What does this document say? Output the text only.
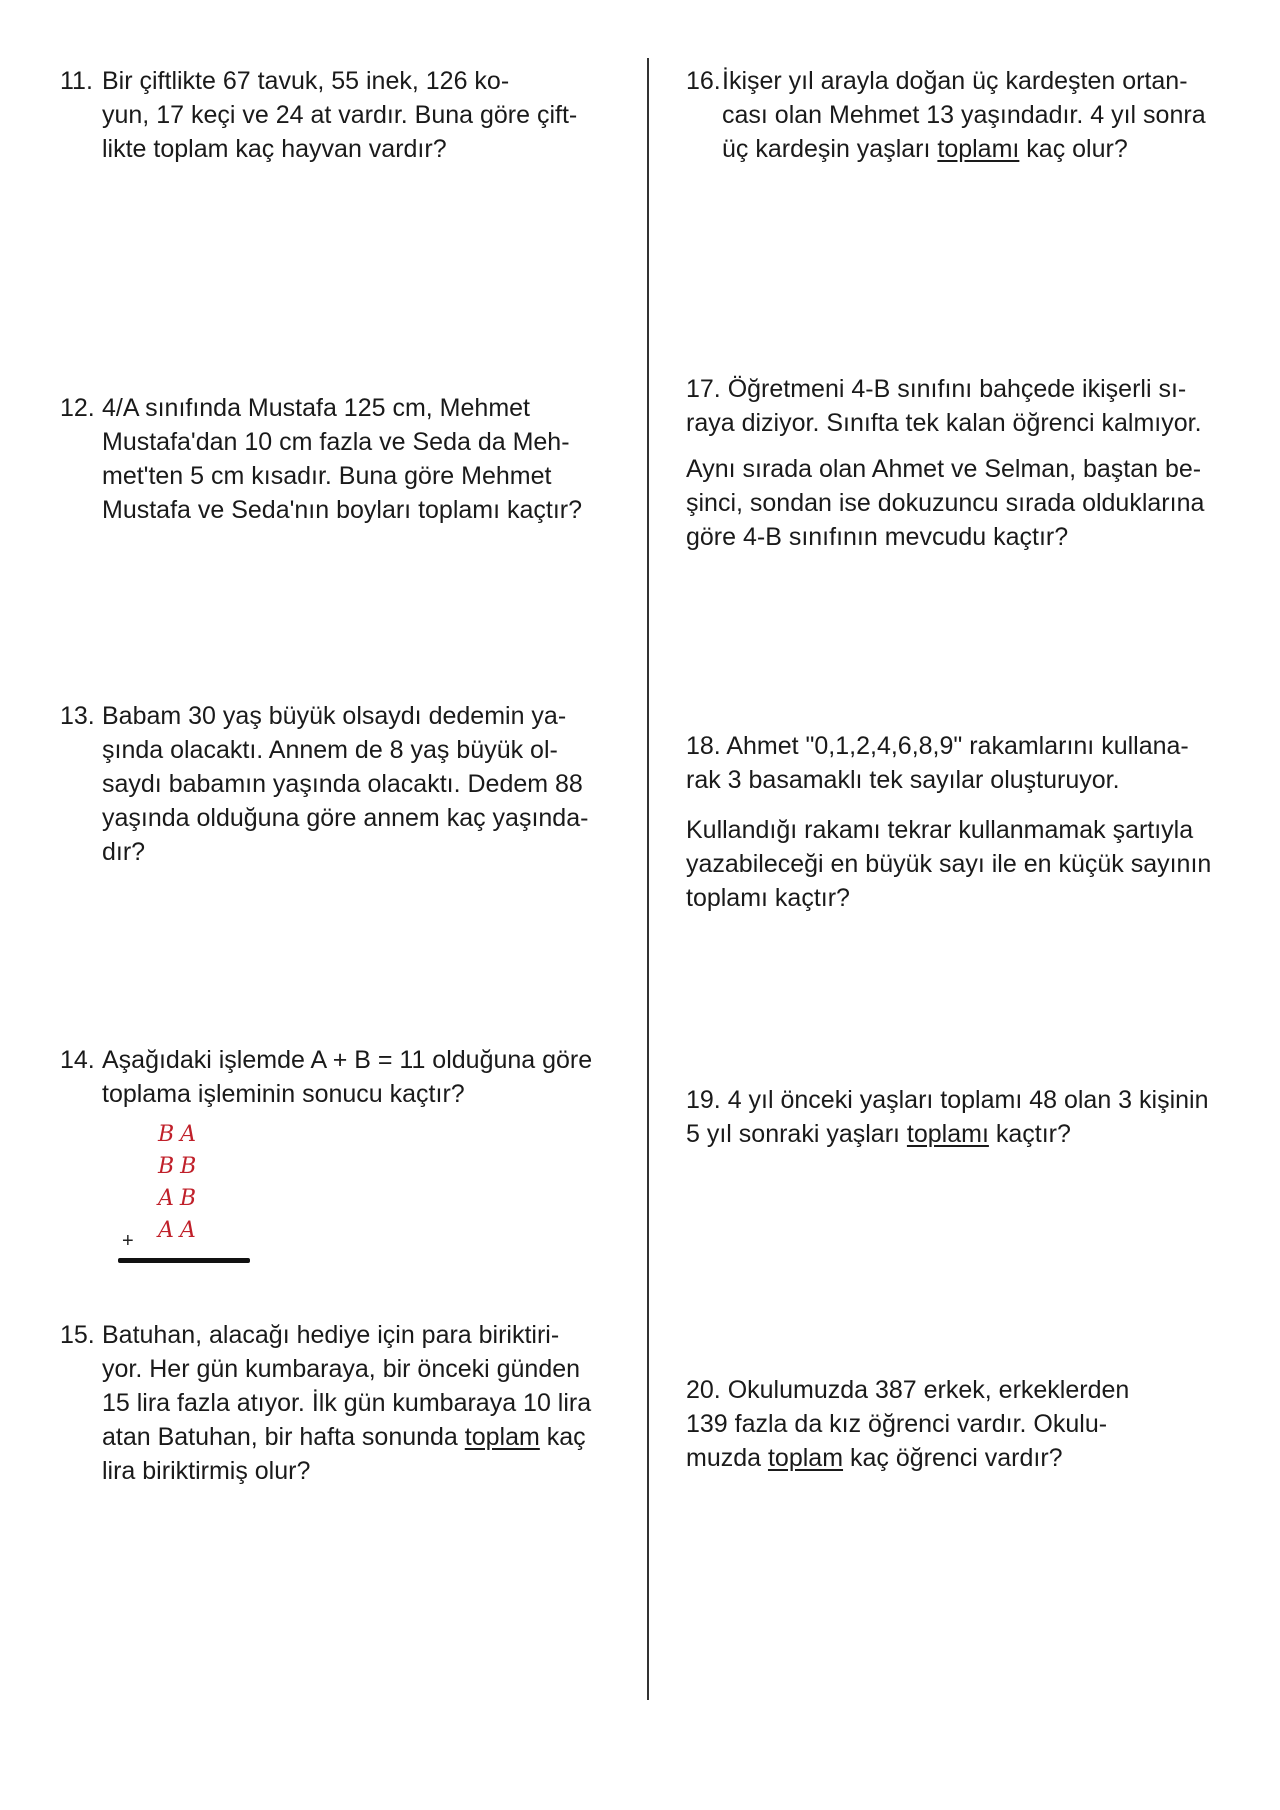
11. Bir çiftlikte 67 tavuk, 55 inek, 126 ko-
yun, 17 keçi ve 24 at vardır. Buna göre çift-
likte toplam kaç hayvan vardır?
12. 4/A sınıfında Mustafa 125 cm, Mehmet
Mustafa'dan 10 cm fazla ve Seda da Meh-
met'ten 5 cm kısadır. Buna göre Mehmet
Mustafa ve Seda'nın boyları toplamı kaçtır?
13. Babam 30 yaş büyük olsaydı dedemin ya-
şında olacaktı. Annem de 8 yaş büyük ol-
saydı babamın yaşında olacaktı. Dedem 88
yaşında olduğuna göre annem kaç yaşında-
dır?
14. Aşağıdaki işlemde A + B = 11 olduğuna göre
toplama işleminin sonucu kaçtır?
BA
BB
AB
AA
+
15. Batuhan, alacağı hediye için para biriktiri-
yor. Her gün kumbaraya, bir önceki günden
15 lira fazla atıyor. İlk gün kumbaraya 10 lira
atan Batuhan, bir hafta sonunda toplam kaç
lira biriktirmiş olur?
16. İkişer yıl arayla doğan üç kardeşten ortan-
cası olan Mehmet 13 yaşındadır. 4 yıl sonra
üç kardeşin yaşları toplamı kaç olur?
17. Öğretmeni 4-B sınıfını bahçede ikişerli sı-
raya diziyor. Sınıfta tek kalan öğrenci kalmıyor.
Aynı sırada olan Ahmet ve Selman, baştan be-
şinci, sondan ise dokuzuncu sırada olduklarına
göre 4-B sınıfının mevcudu kaçtır?
18. Ahmet "0,1,2,4,6,8,9" rakamlarını kullana-
rak 3 basamaklı tek sayılar oluşturuyor.
Kullandığı rakamı tekrar kullanmamak şartıyla
yazabileceği en büyük sayı ile en küçük sayının
toplamı kaçtır?
19. 4 yıl önceki yaşları toplamı 48 olan 3 kişinin
5 yıl sonraki yaşları toplamı kaçtır?
20. Okulumuzda 387 erkek, erkeklerden
139 fazla da kız öğrenci vardır. Okulu-
muzda toplam kaç öğrenci vardır?
